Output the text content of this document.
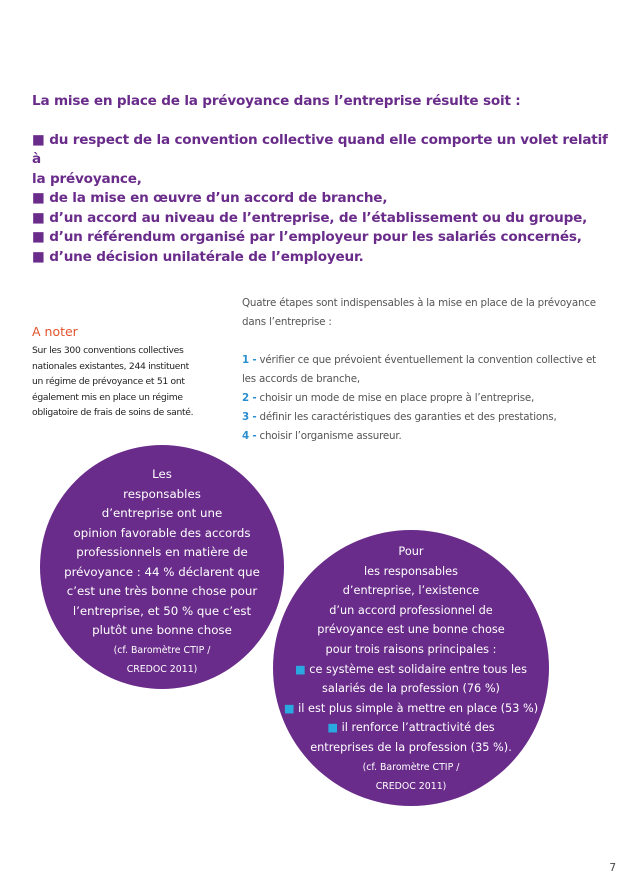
La mise en place de la prévoyance dans l’entreprise résulte soit :

■ du respect de la convention collective quand elle comporte un volet relatif à

la prévoyance,

■ de la mise en œuvre d’un accord de branche,

■ d’un accord au niveau de l’entreprise, de l’établissement ou du groupe,

■ d’un référendum organisé par l’employeur pour les salariés concernés,

■ d’une décision unilatérale de l’employeur.

A noter
Sur les 300 conventions collectives
nationales existantes, 244 instituent
un régime de prévoyance et 51 ont
également mis en place un régime
obligatoire de frais de soins de santé.

Quatre étapes sont indispensables à la mise en place de la prévoyance

dans l’entreprise :

1 - vérifier ce que prévoient éventuellement la convention collective et

les accords de branche,

2 - choisir un mode de mise en place propre à l’entreprise,

3 - définir les caractéristiques des garanties et des prestations,

4 - choisir l’organisme assureur.

Les
responsables
d’entreprise ont une
opinion favorable des accords
professionnels en matière de
prévoyance : 44 % déclarent que
c’est une très bonne chose pour
l’entreprise, et 50 % que c’est
plutôt une bonne chose
(cf. Baromètre CTIP /
CREDOC 2011)
Pour
les responsables
d’entreprise, l’existence
d’un accord professionnel de
prévoyance est une bonne chose
pour trois raisons principales :
■ ce système est solidaire entre tous les
salariés de la profession (76 %)
■ il est plus simple à mettre en place (53 %)
■ il renforce l’attractivité des
entreprises de la profession (35 %).
(cf. Baromètre CTIP /
CREDOC 2011)
7
